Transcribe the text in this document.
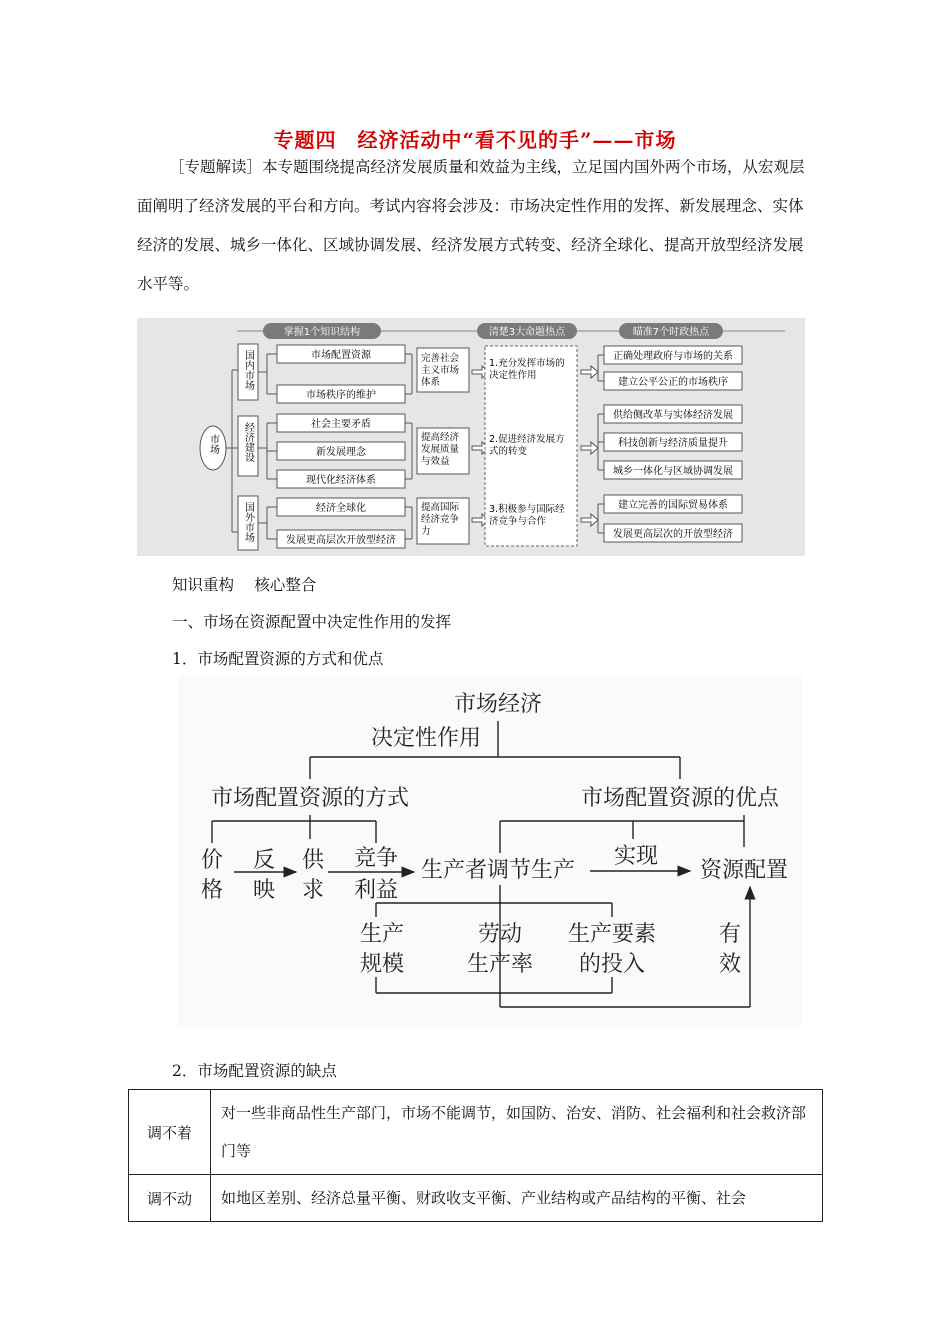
专题四　经济活动中“看不见的手”——市场
［专题解读］本专题围绕提高经济发展质量和效益为主线，立足国内国外两个市场，从宏观层面阐明了经济发展的平台和方向。考试内容将会涉及：市场决定性作用的发挥、新发展理念、实体经济的发展、城乡一体化、区域协调发展、经济发展方式转变、经济全球化、提高开放型经济发展水平等。
掌握1个知识结构	清楚3大命题热点	瞄准7个时政热点
市场
国内市场	市场配置资源
市场秩序的维护
完善社会主义市场体系
经济建设	社会主要矛盾
新发展理念
现代化经济体系
提高经济发展质量与效益
国外市场	经济全球化
发展更高层次开放型经济
提高国际经济竞争力
1.充分发挥市场的决定性作用
2.促进经济发展方式的转变
3.积极参与国际经济竞争与合作
正确处理政府与市场的关系
建立公平公正的市场秩序
供给侧改革与实体经济发展
科技创新与经济质量提升
城乡一体化与区域协调发展
建立完善的国际贸易体系
发展更高层次的开放型经济
知识重构　 核心整合
一、市场在资源配置中决定性作用的发挥
1．市场配置资源的方式和优点
市场经济
决定性作用
市场配置资源的方式	市场配置资源的优点
价
格
反
映
供
求
竞争
利益
生产者调节生产
实现
资源配置
生产
规模
劳动
生产率
生产要素
的投入
有
效
2．市场配置资源的缺点
调不着	对一些非商品性生产部门，市场不能调节，如国防、治安、消防、社会福利和社会救济部门等
调不动	如地区差别、经济总量平衡、财政收支平衡、产业结构或产品结构的平衡、社会
